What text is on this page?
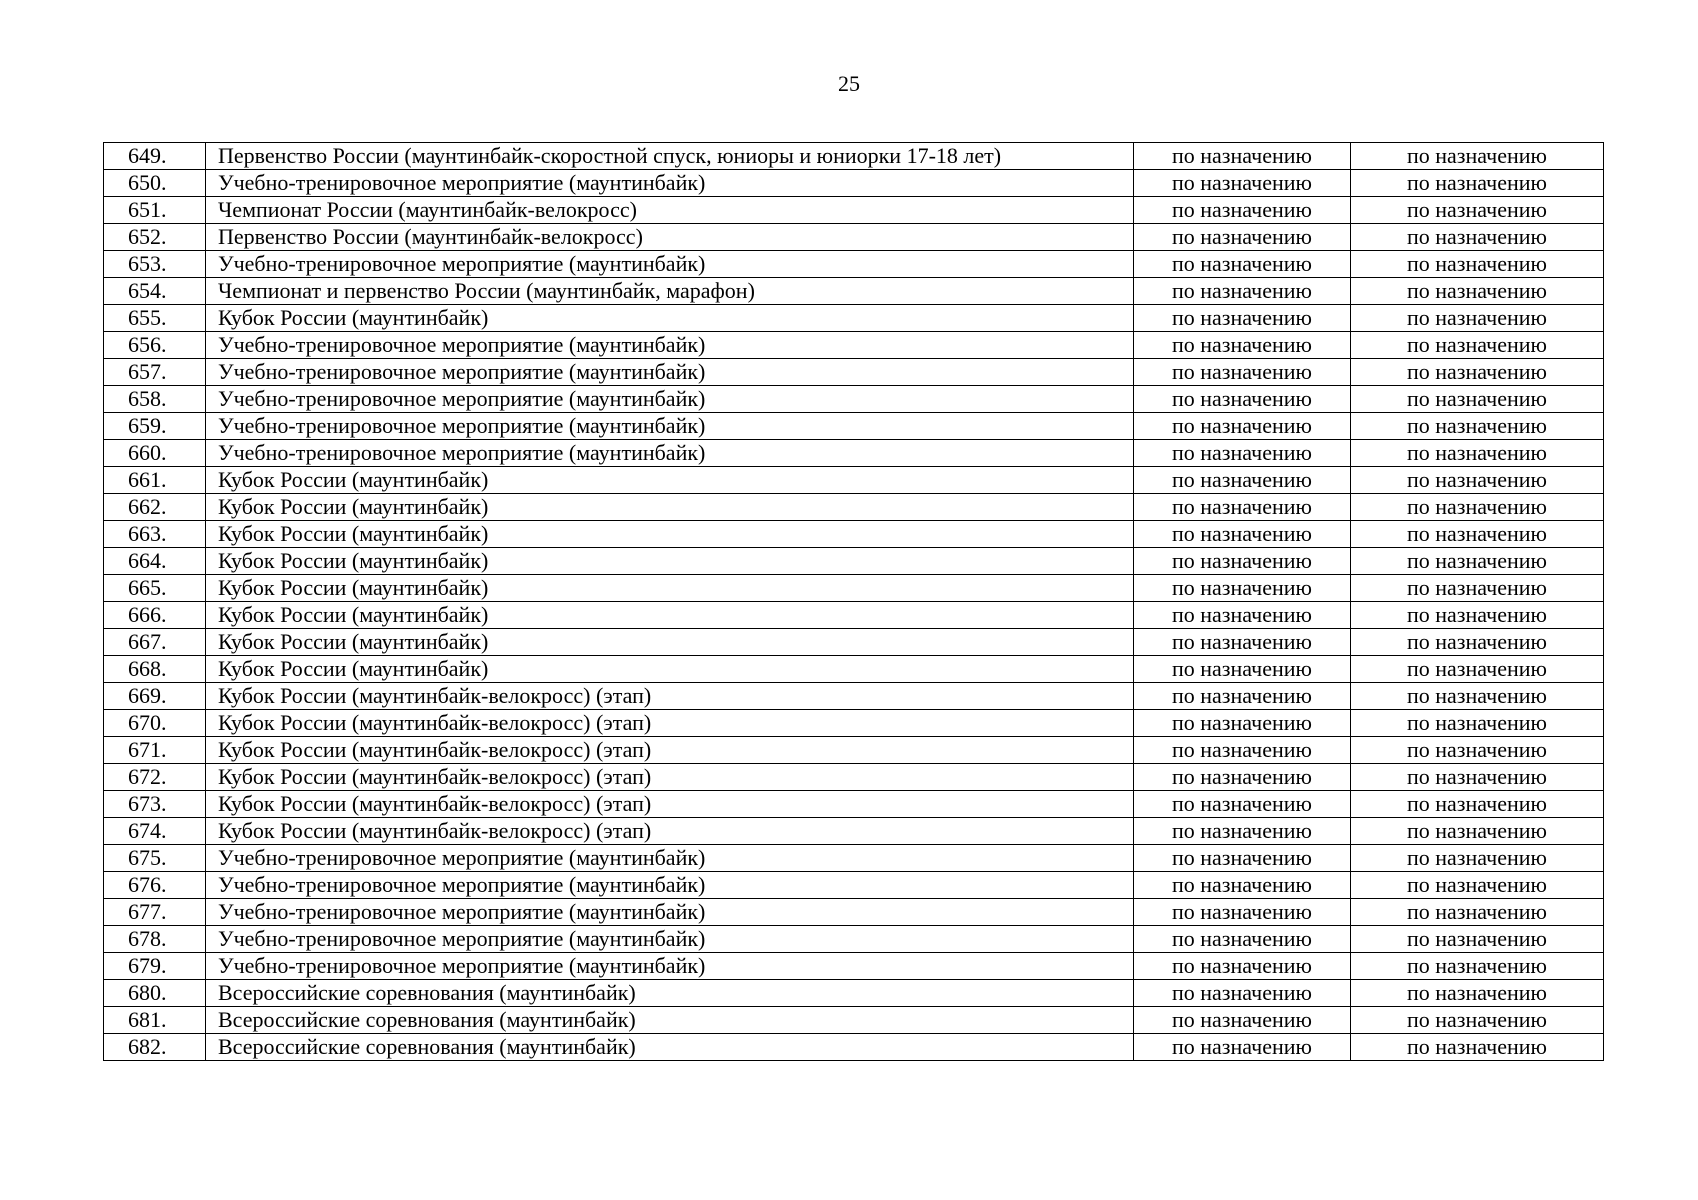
25
649.	Первенство России (маунтинбайк-скоростной спуск, юниоры и юниорки 17-18 лет)	по назначению	по назначению
650.	Учебно-тренировочное мероприятие (маунтинбайк)	по назначению	по назначению
651.	Чемпионат России (маунтинбайк-велокросс)	по назначению	по назначению
652.	Первенство России (маунтинбайк-велокросс)	по назначению	по назначению
653.	Учебно-тренировочное мероприятие (маунтинбайк)	по назначению	по назначению
654.	Чемпионат и первенство России (маунтинбайк, марафон)	по назначению	по назначению
655.	Кубок России (маунтинбайк)	по назначению	по назначению
656.	Учебно-тренировочное мероприятие (маунтинбайк)	по назначению	по назначению
657.	Учебно-тренировочное мероприятие (маунтинбайк)	по назначению	по назначению
658.	Учебно-тренировочное мероприятие (маунтинбайк)	по назначению	по назначению
659.	Учебно-тренировочное мероприятие (маунтинбайк)	по назначению	по назначению
660.	Учебно-тренировочное мероприятие (маунтинбайк)	по назначению	по назначению
661.	Кубок России (маунтинбайк)	по назначению	по назначению
662.	Кубок России (маунтинбайк)	по назначению	по назначению
663.	Кубок России (маунтинбайк)	по назначению	по назначению
664.	Кубок России (маунтинбайк)	по назначению	по назначению
665.	Кубок России (маунтинбайк)	по назначению	по назначению
666.	Кубок России (маунтинбайк)	по назначению	по назначению
667.	Кубок России (маунтинбайк)	по назначению	по назначению
668.	Кубок России (маунтинбайк)	по назначению	по назначению
669.	Кубок России (маунтинбайк-велокросс) (этап)	по назначению	по назначению
670.	Кубок России (маунтинбайк-велокросс) (этап)	по назначению	по назначению
671.	Кубок России (маунтинбайк-велокросс) (этап)	по назначению	по назначению
672.	Кубок России (маунтинбайк-велокросс) (этап)	по назначению	по назначению
673.	Кубок России (маунтинбайк-велокросс) (этап)	по назначению	по назначению
674.	Кубок России (маунтинбайк-велокросс) (этап)	по назначению	по назначению
675.	Учебно-тренировочное мероприятие (маунтинбайк)	по назначению	по назначению
676.	Учебно-тренировочное мероприятие (маунтинбайк)	по назначению	по назначению
677.	Учебно-тренировочное мероприятие (маунтинбайк)	по назначению	по назначению
678.	Учебно-тренировочное мероприятие (маунтинбайк)	по назначению	по назначению
679.	Учебно-тренировочное мероприятие (маунтинбайк)	по назначению	по назначению
680.	Всероссийские соревнования (маунтинбайк)	по назначению	по назначению
681.	Всероссийские соревнования (маунтинбайк)	по назначению	по назначению
682.	Всероссийские соревнования (маунтинбайк)	по назначению	по назначению
